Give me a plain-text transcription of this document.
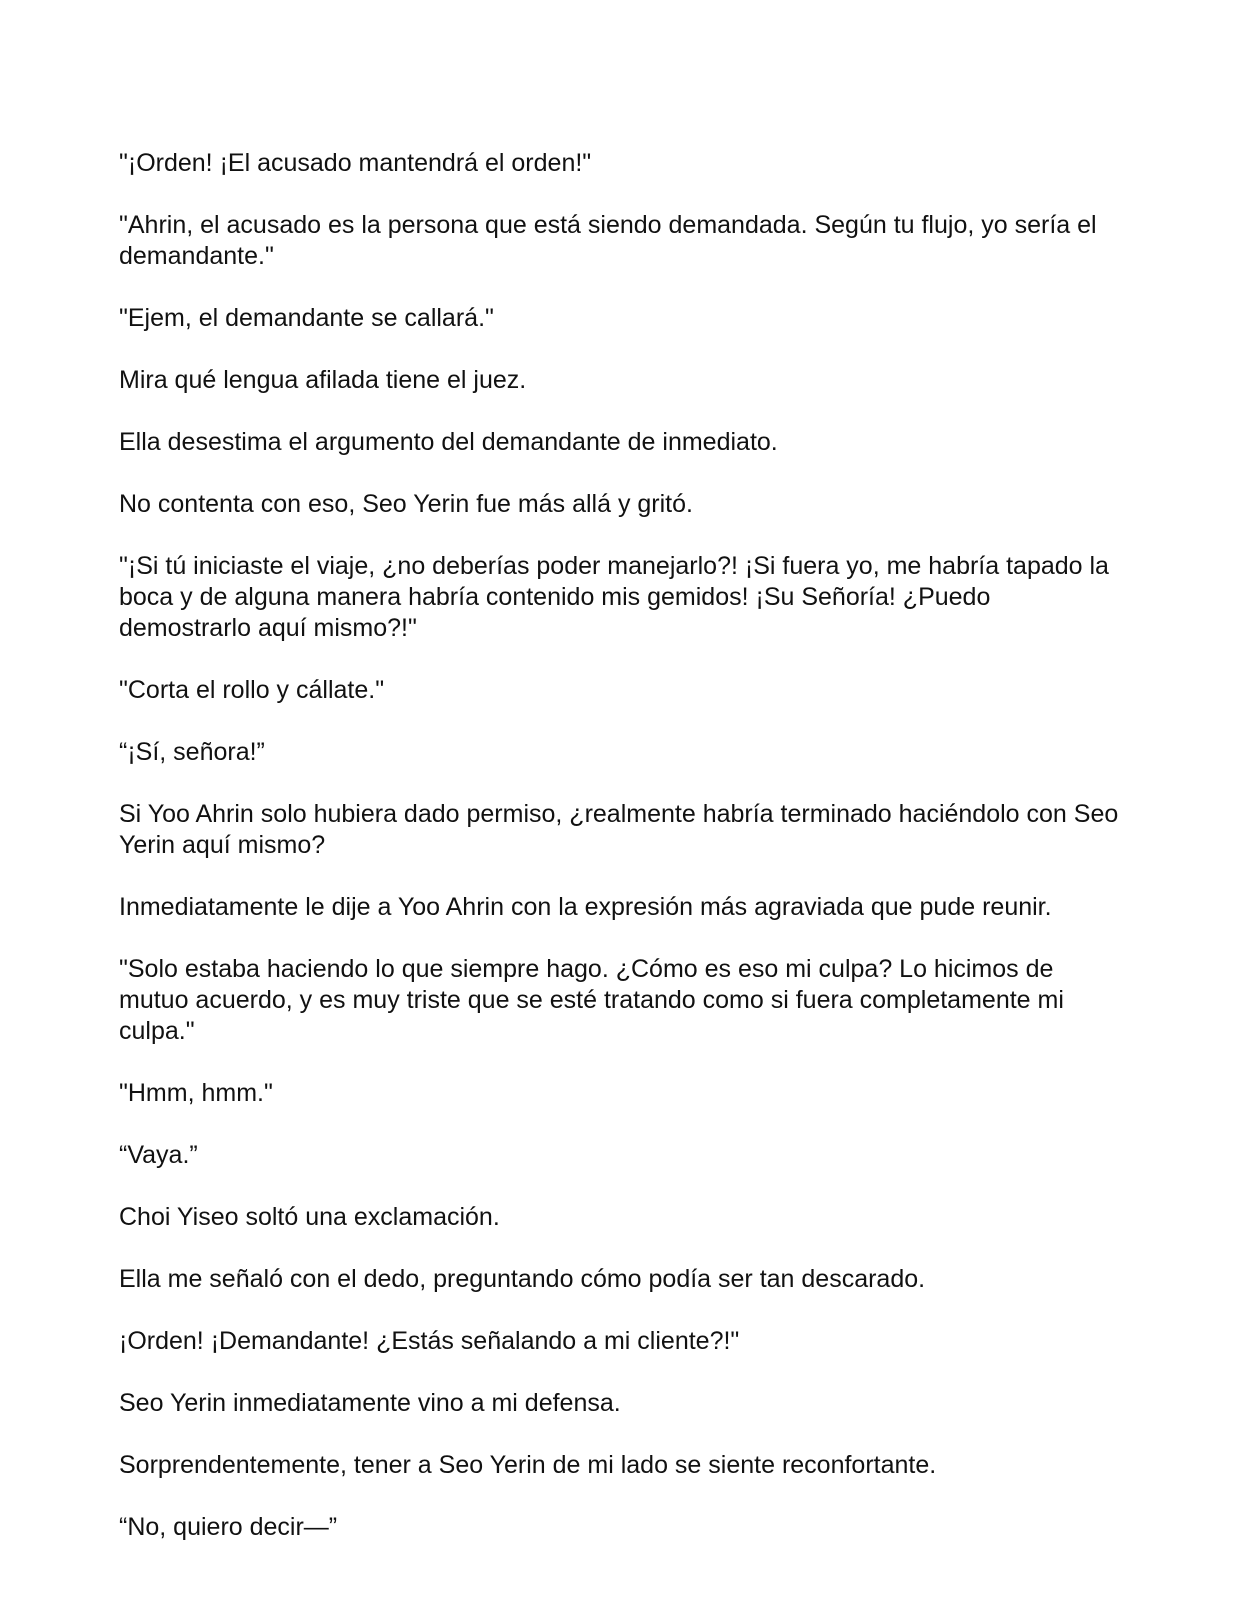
"¡Orden! ¡El acusado mantendrá el orden!"

"Ahrin, el acusado es la persona que está siendo demandada. Según tu flujo, yo sería el demandante."

"Ejem, el demandante se callará."

Mira qué lengua afilada tiene el juez.

Ella desestima el argumento del demandante de inmediato.

No contenta con eso, Seo Yerin fue más allá y gritó.

"¡Si tú iniciaste el viaje, ¿no deberías poder manejarlo?! ¡Si fuera yo, me habría tapado la boca y de alguna manera habría contenido mis gemidos! ¡Su Señoría! ¿Puedo demostrarlo aquí mismo?!"

"Corta el rollo y cállate."

“¡Sí, señora!”

Si Yoo Ahrin solo hubiera dado permiso, ¿realmente habría terminado haciéndolo con Seo Yerin aquí mismo?

Inmediatamente le dije a Yoo Ahrin con la expresión más agraviada que pude reunir.

"Solo estaba haciendo lo que siempre hago. ¿Cómo es eso mi culpa? Lo hicimos de mutuo acuerdo, y es muy triste que se esté tratando como si fuera completamente mi culpa."

"Hmm, hmm."

“Vaya.”

Choi Yiseo soltó una exclamación.

Ella me señaló con el dedo, preguntando cómo podía ser tan descarado.

¡Orden! ¡Demandante! ¿Estás señalando a mi cliente?!"

Seo Yerin inmediatamente vino a mi defensa.

Sorprendentemente, tener a Seo Yerin de mi lado se siente reconfortante.

“No, quiero decir—”
